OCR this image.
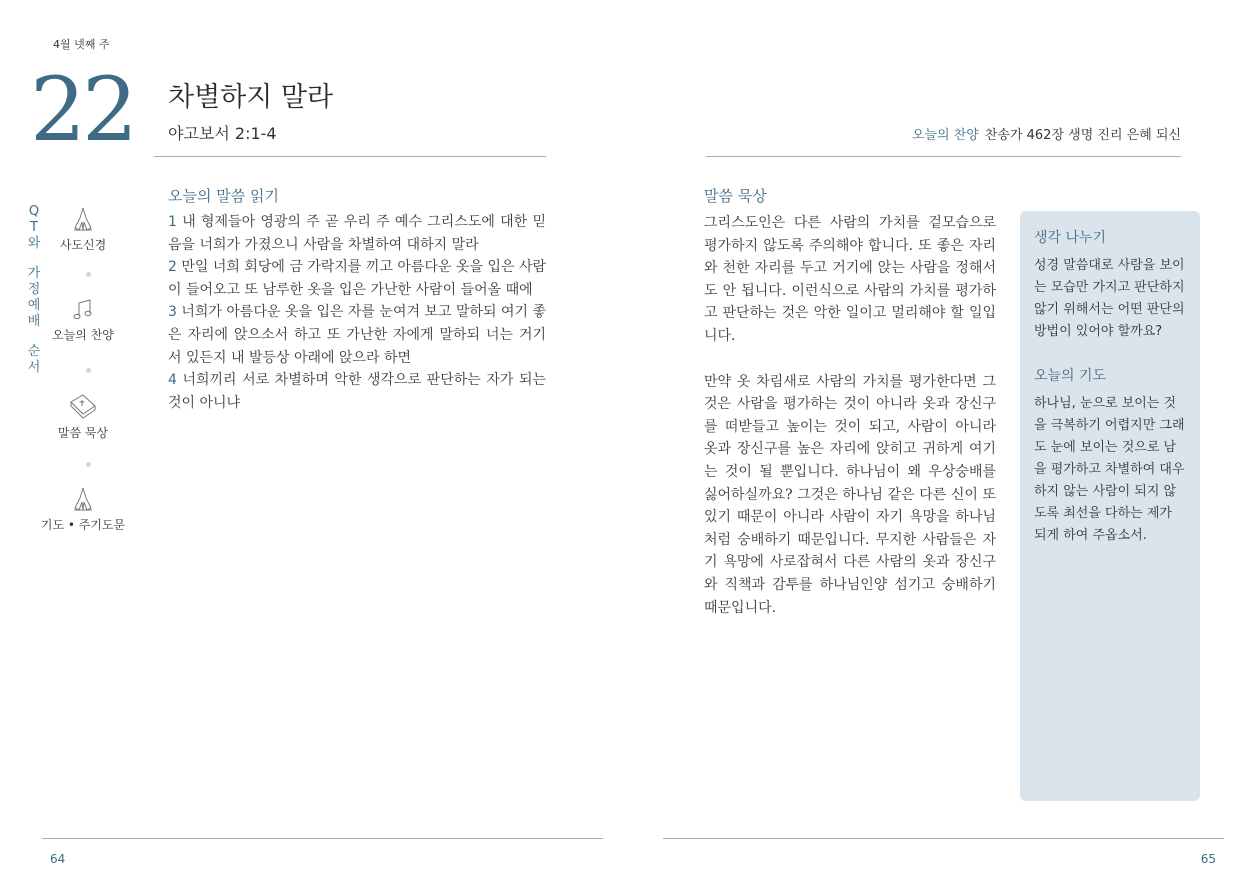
4월 넷째 주
22 차별하지 말라
야고보서 2:1-4	오늘의 찬양 찬송가 462장 생명 진리 은혜 되신
Q
T
와
가
정
예
배
순
서
사도신경
오늘의 찬양
말씀 묵상
기도 • 주기도문
오늘의 말씀 읽기

1 내 형제들아 영광의 주 곧 우리 주 예수 그리스도에 대한 믿음을 너희가 가졌으니 사람을 차별하여 대하지 말라

2 만일 너희 회당에 금 가락지를 끼고 아름다운 옷을 입은 사람이 들어오고 또 남루한 옷을 입은 가난한 사람이 들어올 때에

3 너희가 아름다운 옷을 입은 자를 눈여겨 보고 말하되 여기 좋은 자리에 앉으소서 하고 또 가난한 자에게 말하되 너는 거기 서 있든지 내 발등상 아래에 앉으라 하면

4 너희끼리 서로 차별하며 악한 생각으로 판단하는 자가 되는 것이 아니냐

말씀 묵상

그리스도인은 다른 사람의 가치를 겉모습으로 평가하지 않도록 주의해야 합니다. 또 좋은 자리와 천한 자리를 두고 거기에 앉는 사람을 정해서도 안 됩니다. 이런식으로 사람의 가치를 평가하고 판단하는 것은 악한 일이고 멀리해야 할 일입니다.

만약 옷 차림새로 사람의 가치를 평가한다면 그것은 사람을 평가하는 것이 아니라 옷과 장신구를 떠받들고 높이는 것이 되고, 사람이 아니라 옷과 장신구를 높은 자리에 앉히고 귀하게 여기는 것이 될 뿐입니다. 하나님이 왜 우상숭배를 싫어하실까요? 그것은 하나님 같은 다른 신이 또 있기 때문이 아니라 사람이 자기 욕망을 하나님처럼 숭배하기 때문입니다. 무지한 사람들은 자기 욕망에 사로잡혀서 다른 사람의 옷과 장신구와 직책과 감투를 하나님인양 섬기고 숭배하기 때문입니다.

생각 나누기

성경 말씀대로 사람을 보이는 모습만 가지고 판단하지 않기 위해서는 어떤 판단의 방법이 있어야 할까요?

오늘의 기도

하나님, 눈으로 보이는 것을 극복하기 어렵지만 그래도 눈에 보이는 것으로 남을 평가하고 차별하여 대우하지 않는 사람이 되지 않도록 최선을 다하는 제가 되게 하여 주옵소서.

64	65
